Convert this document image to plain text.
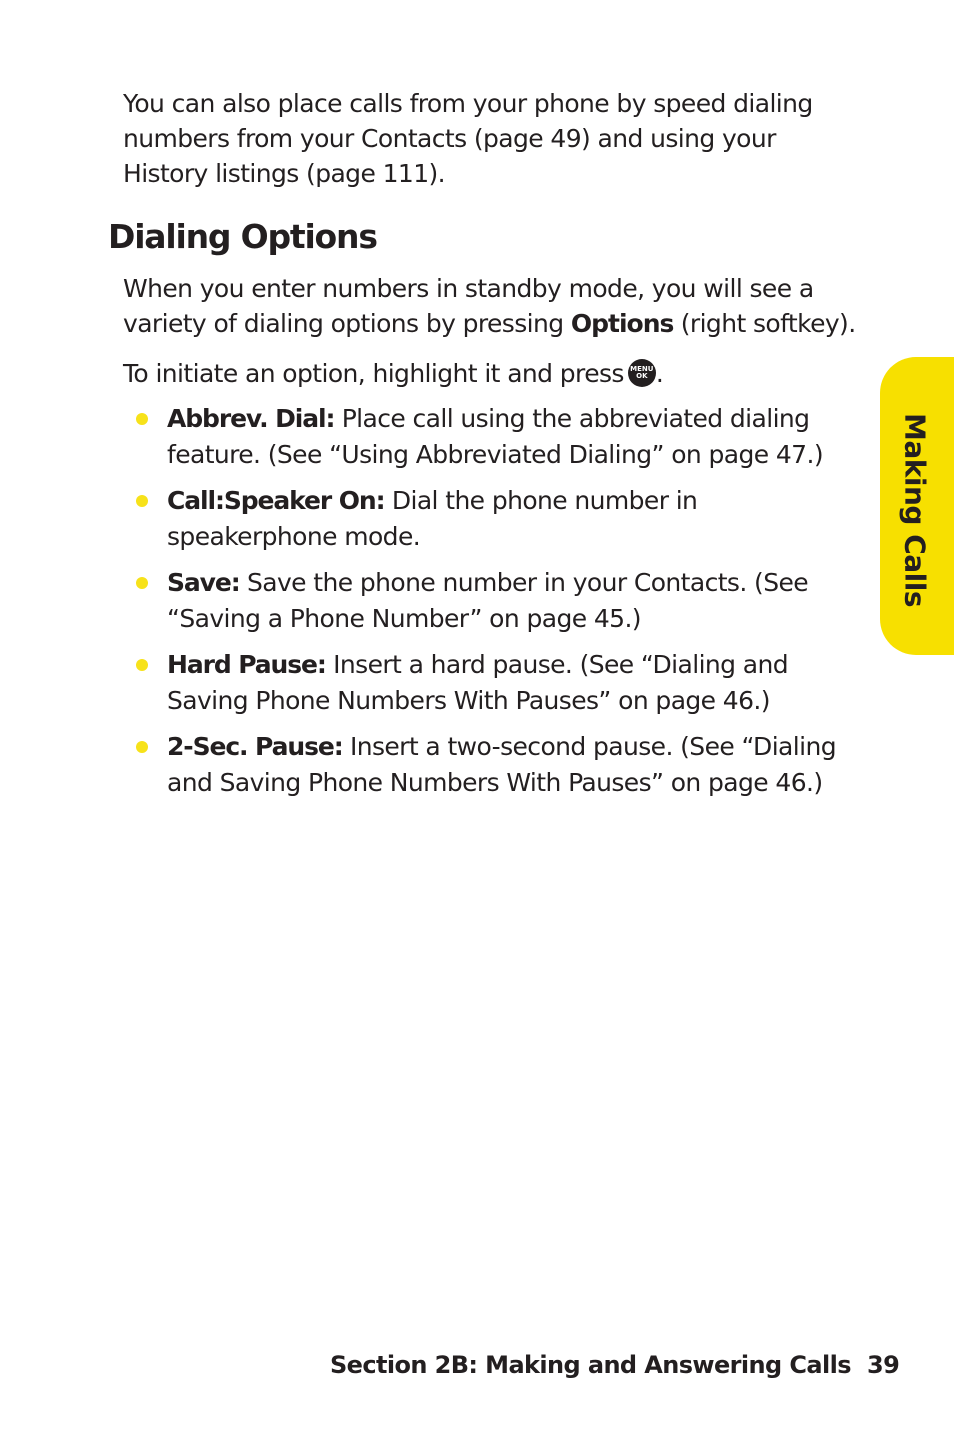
You can also place calls from your phone by speed dialing numbers from your Contacts (page 49) and using your History listings (page 111).

Dialing Options

When you enter numbers in standby mode, you will see a variety of dialing options by pressing Options (right softkey).

To initiate an option, highlight it and press MENU
OK .

Abbrev. Dial: Place call using the abbreviated dialing feature. (See “Using Abbreviated Dialing” on page 47.)
Call:Speaker On: Dial the phone number in speakerphone mode.
Save: Save the phone number in your Contacts. (See “Saving a Phone Number” on page 45.)
Hard Pause: Insert a hard pause. (See “Dialing and Saving Phone Numbers With Pauses” on page 46.)
2-Sec. Pause: Insert a two-second pause. (See “Dialing and Saving Phone Numbers With Pauses” on page 46.)
Making Calls
Section 2B: Making and Answering Calls 39
